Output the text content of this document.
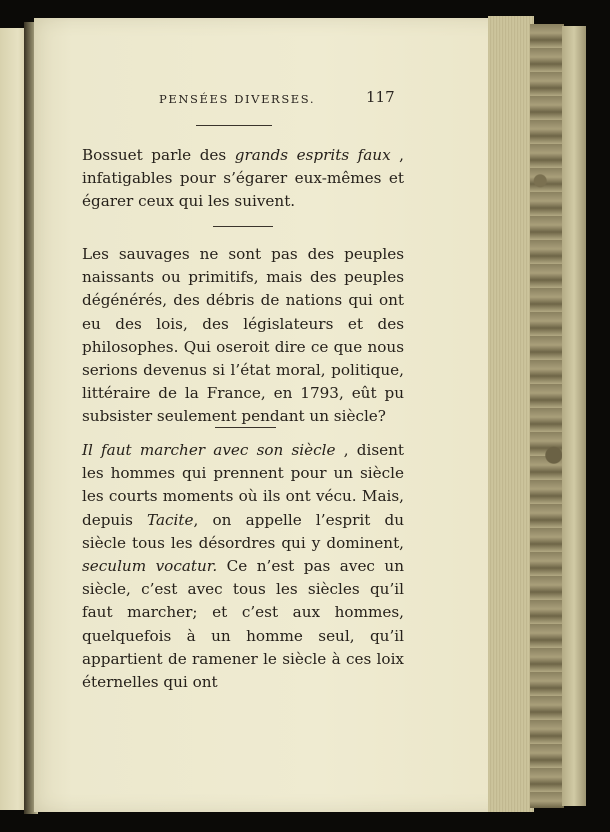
PENSÉES DIVERSES.	117
Bossuet parle des grands esprits faux , infatigables pour s’égarer eux-mêmes et égarer ceux qui les suivent.
Les sauvages ne sont pas des peuples naissants ou primitifs, mais des peuples dégénérés, des débris de nations qui ont eu des lois, des législateurs et des philosophes. Qui oseroit dire ce que nous serions devenus si l’état moral, politique, littéraire de la France, en 1793, eût pu subsister seulement pendant un siècle?
Il faut marcher avec son siècle , disent les hommes qui prennent pour un siècle les courts moments où ils ont vécu. Mais, depuis Tacite, on appelle l’esprit du siècle tous les désordres qui y dominent, seculum vocatur. Ce n’est pas avec un siècle, c’est avec tous les siècles qu’il faut marcher; et c’est aux hommes, quelquefois à un homme seul, qu’il appartient de ramener le siècle à ces loix éternelles qui ont
